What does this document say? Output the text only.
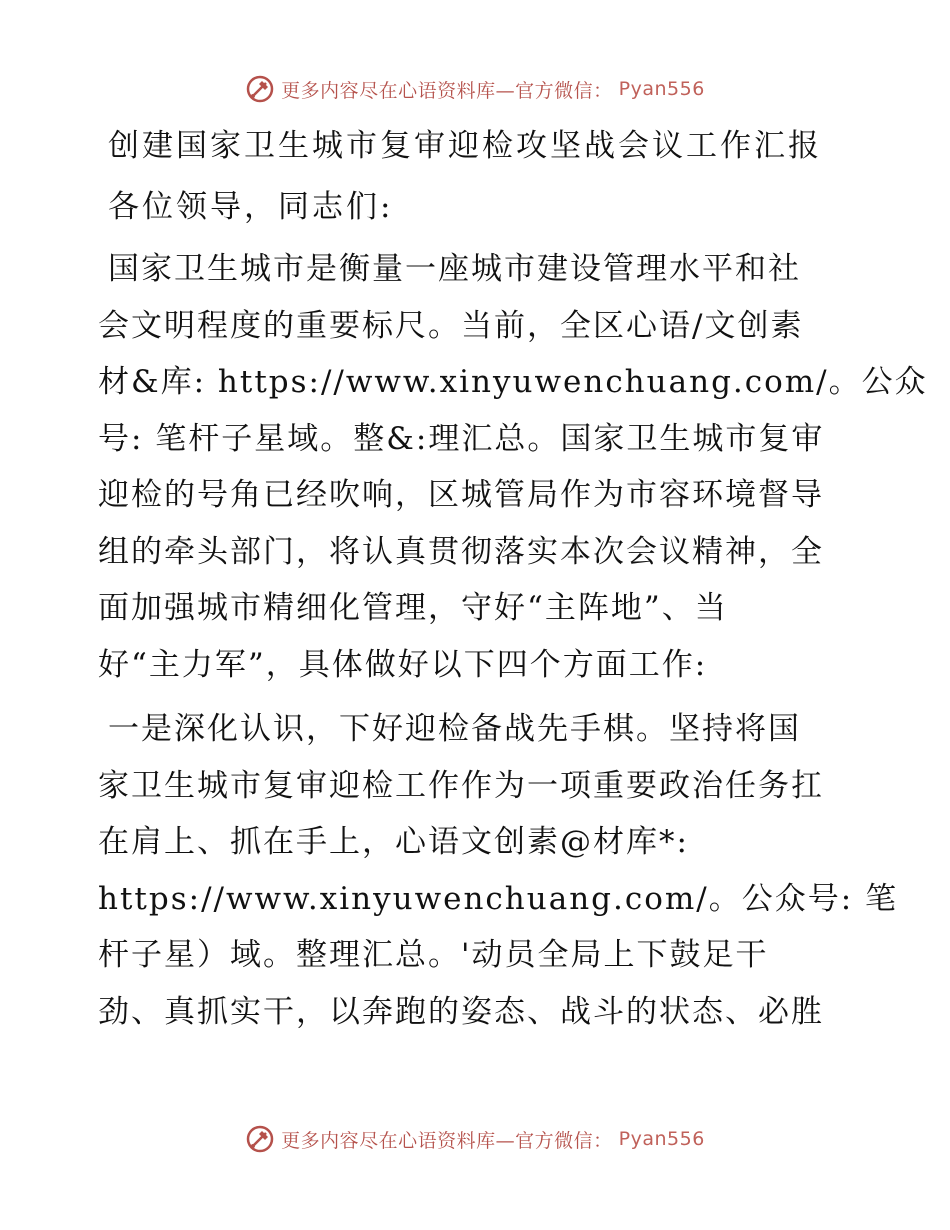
更多内容尽在心语资料库—官方微信： Pyan556
创建国家卫生城市复审迎检攻坚战会议工作汇报
各位领导，同志们:
国家卫生城市是衡量一座城市建设管理水平和社
会文明程度的重要标尺。当前，全区心语/文创素
材&库: https://www.xinyuwenchuang.com/。公众
号: 笔杆子星域。整&:理汇总。国家卫生城市复审
迎检的号角已经吹响，区城管局作为市容环境督导
组的牵头部门，将认真贯彻落实本次会议精神，全
面加强城市精细化管理，守好“主阵地”、当
好“主力军”，具体做好以下四个方面工作:
一是深化认识，下好迎检备战先手棋。坚持将国
家卫生城市复审迎检工作作为一项重要政治任务扛
在肩上、抓在手上，心语文创素@材库*:
https://www.xinyuwenchuang.com/。公众号: 笔
杆子星）域。整理汇总。'动员全局上下鼓足干
劲、真抓实干，以奔跑的姿态、战斗的状态、必胜
更多内容尽在心语资料库—官方微信： Pyan556
